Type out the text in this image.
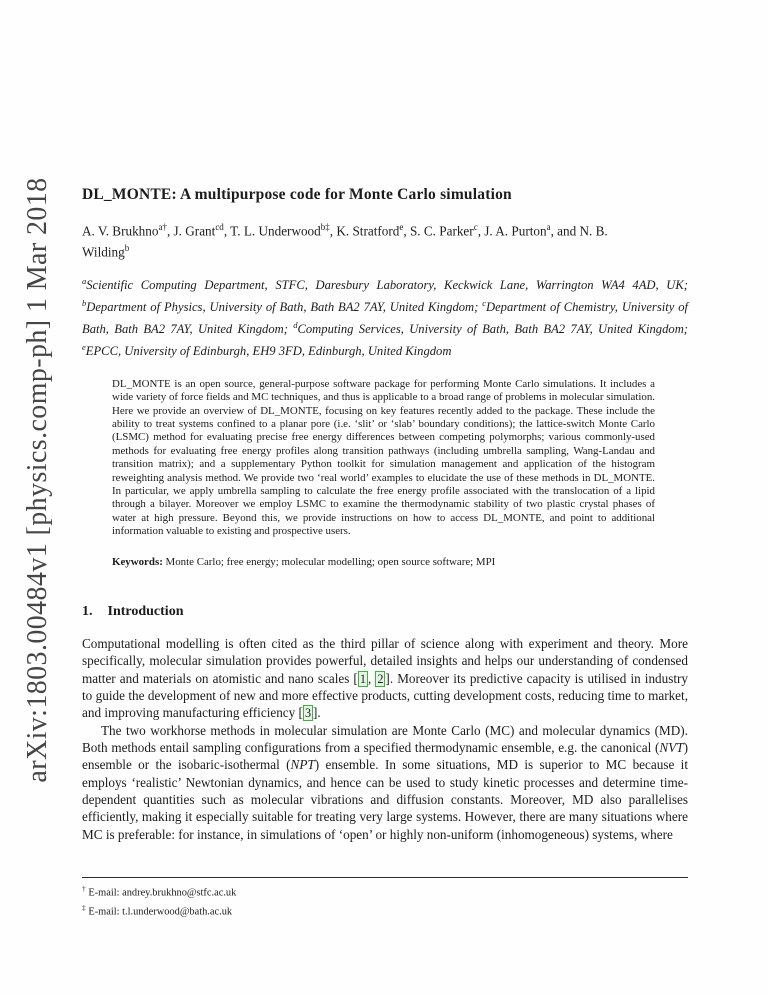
arXiv:1803.00484v1 [physics.comp-ph] 1 Mar 2018 DL_MONTE: A multipurpose code for Monte Carlo simulation
A. V. Brukhno$^{a\dagger}$, J. Grant$^{cd}$, T. L. Underwood$^{b\ddagger}$, K. Stratford$^e$, S. C. Parker$^c$, J. A. Purton$^a$, and N. B. Wilding$^b$
$^a$Scientific Computing Department, STFC, Daresbury Laboratory, Keckwick Lane, Warrington WA4 4AD, UK; $^b$Department of Physics, University of Bath, Bath BA2 7AY, United Kingdom; $^c$Department of Chemistry, University of Bath, Bath BA2 7AY, United Kingdom; $^d$Computing Services, University of Bath, Bath BA2 7AY, United Kingdom; $^e$EPCC, University of Edinburgh, EH9 3FD, Edinburgh, United Kingdom
DL_MONTE is an open source, general-purpose software package for performing Monte Carlo simulations. It includes a wide variety of force fields and MC techniques, and thus is applicable to a broad range of problems in molecular simulation. Here we provide an overview of DL_MONTE, focusing on key features recently added to the package. These include the ability to treat systems confined to a planar pore (i.e. ‘slit’ or ‘slab’ boundary conditions); the lattice-switch Monte Carlo (LSMC) method for evaluating precise free energy differences between competing polymorphs; various commonly-used methods for evaluating free energy profiles along transition pathways (including umbrella sampling, Wang-Landau and transition matrix); and a supplementary Python toolkit for simulation management and application of the histogram reweighting analysis method. We provide two ‘real world’ examples to elucidate the use of these methods in DL_MONTE. In particular, we apply umbrella sampling to calculate the free energy profile associated with the translocation of a lipid through a bilayer. Moreover we employ LSMC to examine the thermodynamic stability of two plastic crystal phases of water at high pressure. Beyond this, we provide instructions on how to access DL_MONTE, and point to additional information valuable to existing and prospective users.
Keywords: Monte Carlo; free energy; molecular modelling; open source software; MPI
1. Introduction

Computational modelling is often cited as the third pillar of science along with experiment and theory. More specifically, molecular simulation provides powerful, detailed insights and helps our understanding of condensed matter and materials on atomistic and nano scales [ 1 , 2 ]. Moreover its predictive capacity is utilised in industry to guide the development of new and more effective products, cutting development costs, reducing time to market, and improving manufacturing efficiency [ 3 ].

The two workhorse methods in molecular simulation are Monte Carlo (MC) and molecular dynamics (MD). Both methods entail sampling configurations from a specified thermodynamic ensemble, e.g. the canonical (NVT) ensemble or the isobaric-isothermal (NPT) ensemble. In some situations, MD is superior to MC because it employs ‘realistic’ Newtonian dynamics, and hence can be used to study kinetic processes and determine time-dependent quantities such as molecular vibrations and diffusion constants. Moreover, MD also parallelises efficiently, making it especially suitable for treating very large systems. However, there are many situations where MC is preferable: for instance, in simulations of ‘open’ or highly non-uniform (inhomogeneous) systems, where

† E-mail: andrey.brukhno@stfc.ac.uk

‡ E-mail: t.l.underwood@bath.ac.uk
